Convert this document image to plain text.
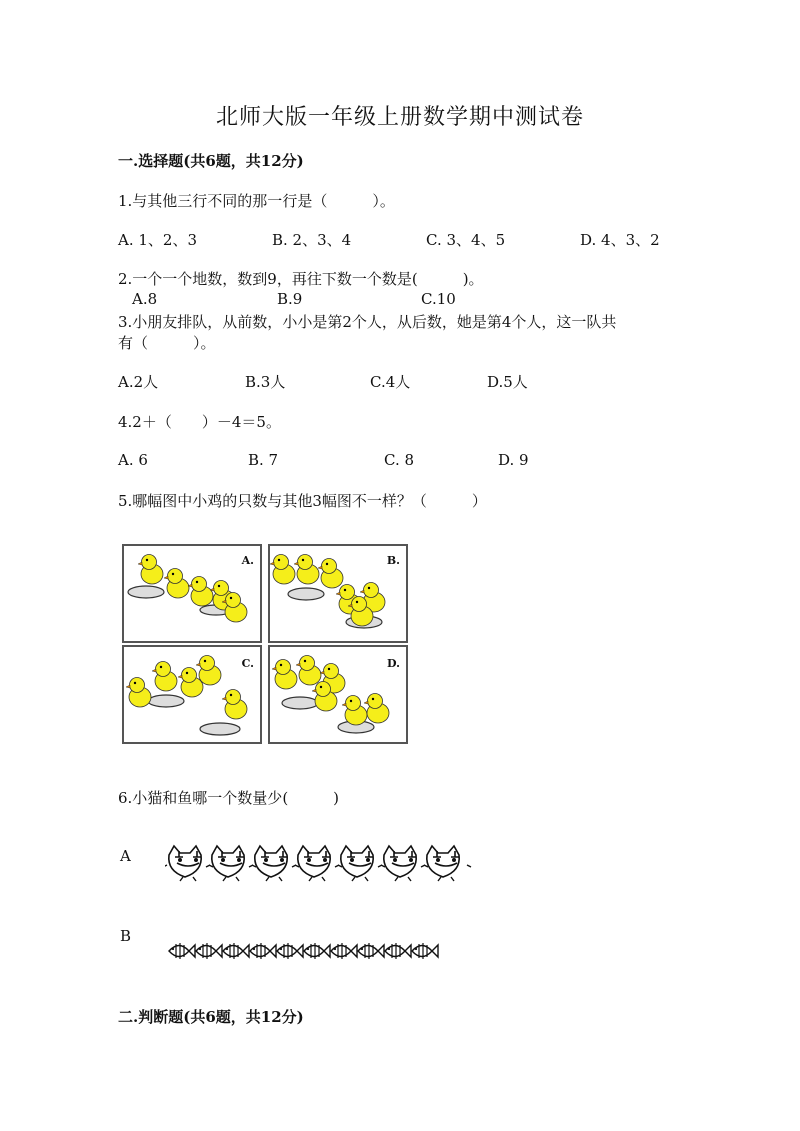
北师大版一年级上册数学期中测试卷
一.选择题(共6题，共12分)
1.与其他三行不同的那一行是（　　　）。
A. 1、2、3	B. 2、3、4	C. 3、4、5	D. 4、3、2
2.一个一个地数，数到9，再往下数一个数是(　　　)。
A.8	B.9	C.10
3.小朋友排队，从前数，小小是第2个人，从后数，她是第4个人，这一队共
有（　　　）。
A.2人	B.3人	C.4人	D.5人
4.2＋（　　）－4＝5。
A. 6	B. 7	C. 8	D. 9
5.哪幅图中小鸡的只数与其他3幅图不一样？（　　　）
A.	B.
C.	D.
6.小猫和鱼哪一个数量少(　　　)
A
B
二.判断题(共6题，共12分)
